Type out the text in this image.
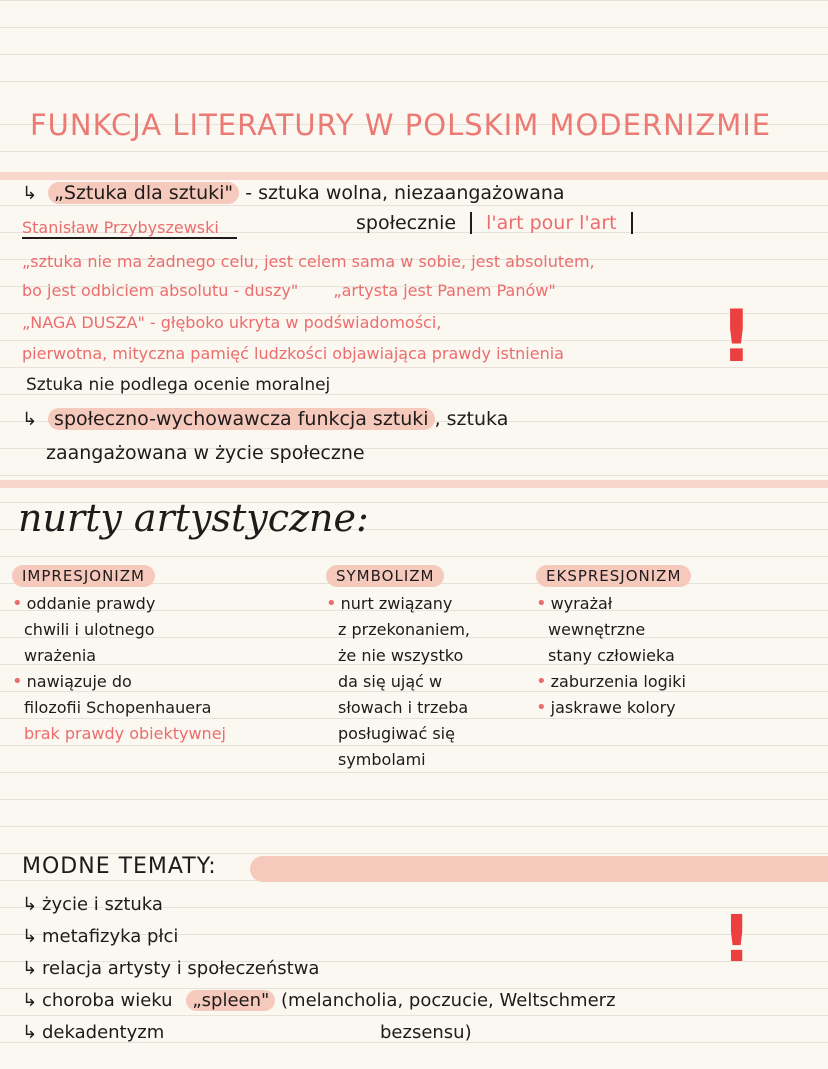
FUNKCJA LITERATURY W POLSKIM MODERNIZMIE
↳ „Sztuka dla sztuki" - sztuka wolna, niezaangażowana
Stanisław Przybyszewski	społecznie l'art pour l'art
„sztuka nie ma żadnego celu, jest celem sama w sobie, jest absolutem,
bo jest odbiciem absolutu - duszy" „artysta jest Panem Panów"
„NAGA DUSZA" - głęboko ukryta w podświadomości,
pierwotna, mityczna pamięć ludzkości objawiająca prawdy istnienia !
Sztuka nie podlega ocenie moralnej
↳ społeczno-wychowawcza funkcja sztuki , sztuka
zaangażowana w życie społeczne
nurty artystyczne:
IMPRESJONIZM
• oddanie prawdy
chwili i ulotnego
wrażenia
• nawiązuje do
filozofii Schopenhauera
brak prawdy obiektywnej
SYMBOLIZM
• nurt związany
z przekonaniem,
że nie wszystko
da się ująć w
słowach i trzeba
posługiwać się
symbolami
EKSPRESJONIZM
• wyrażał
wewnętrzne
stany człowieka
• zaburzenia logiki
• jaskrawe kolory
MODNE TEMATY:
↳ życie i sztuka
↳ metafizyka płci
↳ relacja artysty i społeczeństwa
↳ choroba wieku „spleen" (melancholia, poczucie, Weltschmerz
bezsensu)
↳ dekadentyzm
!
